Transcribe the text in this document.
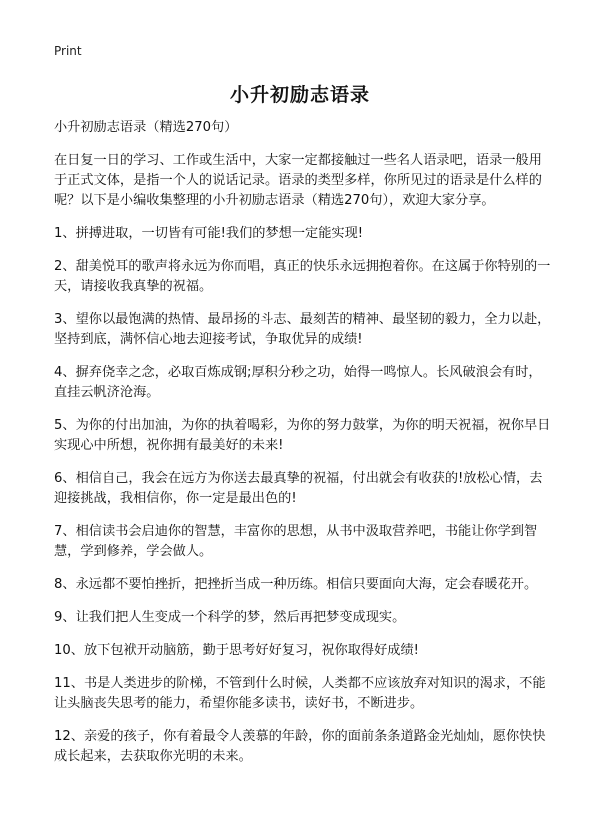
Print
小升初励志语录

小升初励志语录（精选270句）

在日复一日的学习、工作或生活中，大家一定都接触过一些名人语录吧，语录一般用于正式文体，是指一个人的说话记录。语录的类型多样，你所见过的语录是什么样的呢？以下是小编收集整理的小升初励志语录（精选270句），欢迎大家分享。

1、拼搏进取，一切皆有可能!我们的梦想一定能实现!

2、甜美悦耳的歌声将永远为你而唱，真正的快乐永远拥抱着你。在这属于你特别的一天，请接收我真挚的祝福。

3、望你以最饱满的热情、最昂扬的斗志、最刻苦的精神、最坚韧的毅力，全力以赴，坚持到底，满怀信心地去迎接考试，争取优异的成绩!

4、摒弃侥幸之念，必取百炼成钢;厚积分秒之功，始得一鸣惊人。长风破浪会有时，直挂云帆济沧海。

5、为你的付出加油，为你的执着喝彩，为你的努力鼓掌，为你的明天祝福，祝你早日实现心中所想，祝你拥有最美好的未来!

6、相信自己，我会在远方为你送去最真挚的祝福，付出就会有收获的!放松心情，去迎接挑战，我相信你，你一定是最出色的!

7、相信读书会启迪你的智慧，丰富你的思想，从书中汲取营养吧，书能让你学到智慧，学到修养，学会做人。

8、永远都不要怕挫折，把挫折当成一种历练。相信只要面向大海，定会春暖花开。

9、让我们把人生变成一个科学的梦，然后再把梦变成现实。

10、放下包袱开动脑筋，勤于思考好好复习，祝你取得好成绩!

11、书是人类进步的阶梯，不管到什么时候，人类都不应该放弃对知识的渴求，不能让头脑丧失思考的能力，希望你能多读书，读好书，不断进步。

12、亲爱的孩子，你有着最令人羡慕的年龄，你的面前条条道路金光灿灿，愿你快快成长起来，去获取你光明的未来。
